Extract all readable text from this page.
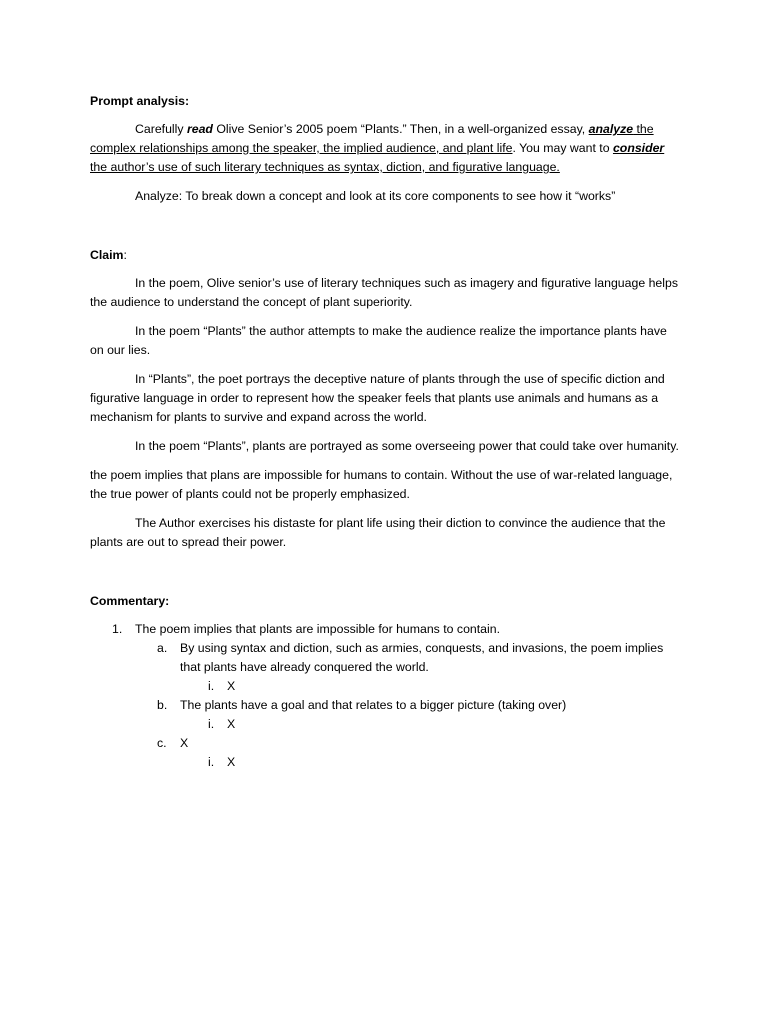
Prompt analysis:

Carefully read Olive Senior’s 2005 poem “Plants.” Then, in a well-organized essay, analyze the complex relationships among the speaker, the implied audience, and plant life. You may want to consider the author’s use of such literary techniques as syntax, diction, and figurative language.

Analyze: To break down a concept and look at its core components to see how it “works”

Claim:

In the poem, Olive senior’s use of literary techniques such as imagery and figurative language helps the audience to understand the concept of plant superiority.

In the poem “Plants” the author attempts to make the audience realize the importance plants have on our lies.

In “Plants”, the poet portrays the deceptive nature of plants through the use of specific diction and figurative language in order to represent how the speaker feels that plants use animals and humans as a mechanism for plants to survive and expand across the world.

In the poem “Plants”, plants are portrayed as some overseeing power that could take over humanity.

the poem implies that plans are impossible for humans to contain. Without the use of war-related language, the true power of plants could not be properly emphasized.

The Author exercises his distaste for plant life using their diction to convince the audience that the plants are out to spread their power.

Commentary:
1. The poem implies that plants are impossible for humans to contain.
a. By using syntax and diction, such as armies, conquests, and invasions, the poem implies that plants have already conquered the world.
i. X
b. The plants have a goal and that relates to a bigger picture (taking over)
i. X
c. X
i. X
